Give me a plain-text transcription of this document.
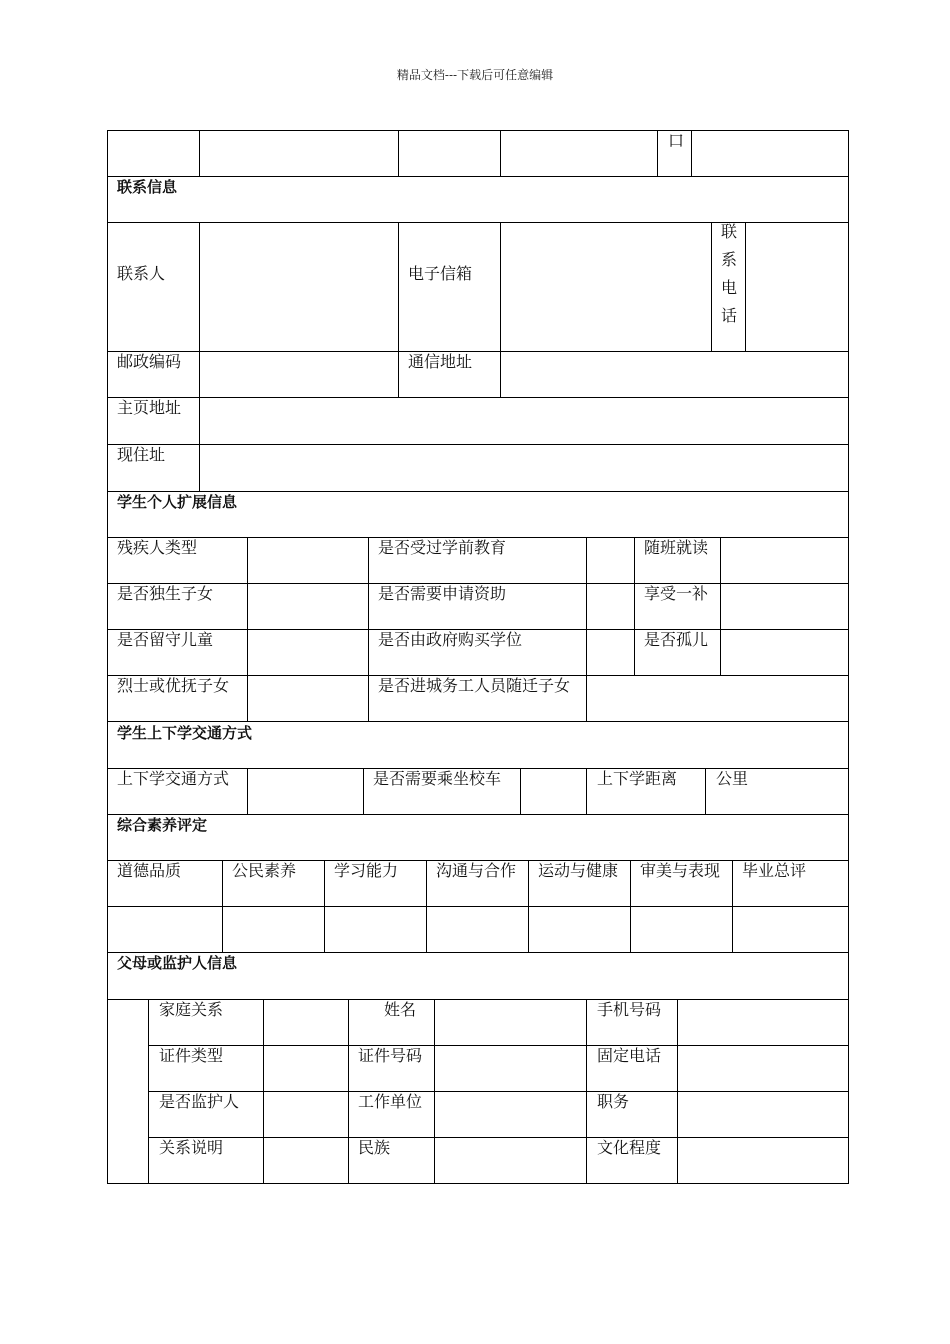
精品文档---下载后可任意编辑
口
联系信息
联系人	电子信箱
联系电话
邮政编码	通信地址
主页地址
现住址
学生个人扩展信息
残疾人类型	是否受过学前教育	随班就读
是否独生子女	是否需要申请资助	享受一补
是否留守儿童	是否由政府购买学位	是否孤儿
烈士或优抚子女	是否进城务工人员随迁子女
学生上下学交通方式
上下学交通方式	是否需要乘坐校车	上下学距离 公里
综合素养评定
道德品质	公民素养 学习能力 沟通与合作 运动与健康 审美与表现 毕业总评
父母或监护人信息
家庭关系	姓名	手机号码
证件类型	证件号码	固定电话
是否监护人	工作单位	职务
关系说明	民族	文化程度
